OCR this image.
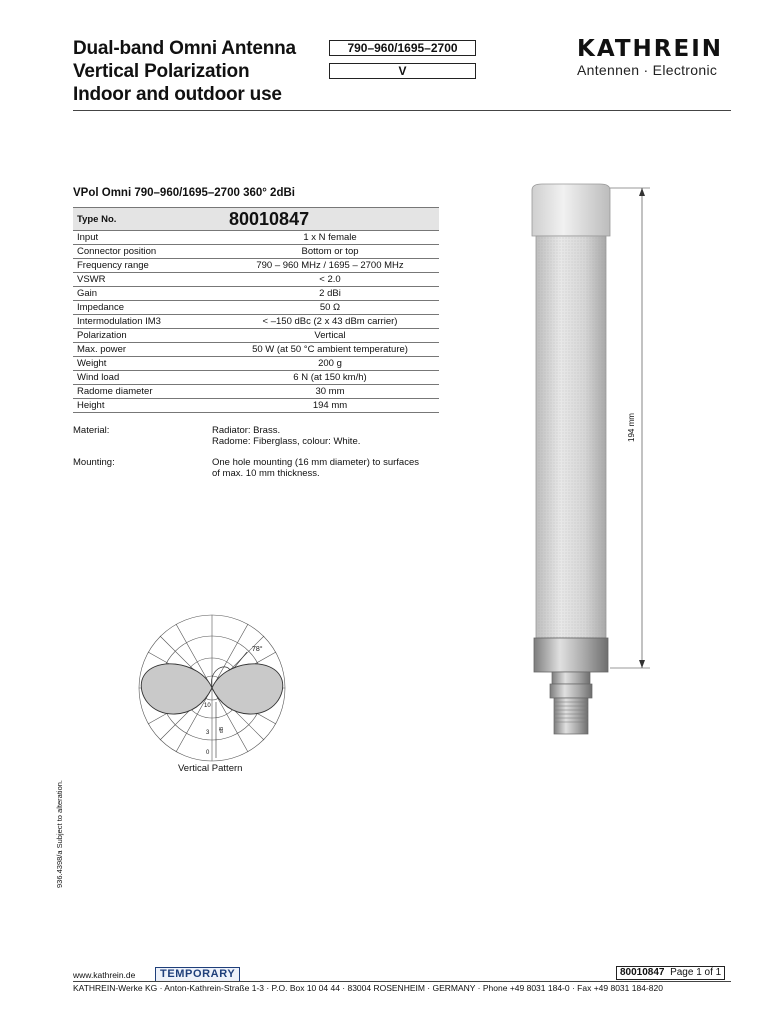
Dual-band Omni Antenna
Vertical Polarization
Indoor and outdoor use
790–960/1695–2700
V
KATHREIN
Antennen · Electronic
VPol Omni 790–960/1695–2700 360° 2dBi
Type No.	80010847
Input	1 x N female
Connector position	Bottom or top
Frequency range	790 – 960 MHz / 1695 – 2700 MHz
VSWR	< 2.0
Gain	2 dBi
Impedance	50 Ω
Intermodulation IM3	< –150 dBc (2 x 43 dBm carrier)
Polarization	Vertical
Max. power	50 W (at 50 °C ambient temperature)
Weight	200 g
Wind load	6 N (at 150 km/h)
Radome diameter	30 mm
Height	194 mm
Material:	Radiator: Brass.
Radome: Fiberglass, colour: White.
Mounting:	One hole mounting (16 mm diameter) to surfaces
of max. 10 mm thickness.
78°
10
3
0
dB
Vertical Pattern
194 mm
936.4398/a Subject to alteration.
www.kathrein.de	TEMPORARY	80010847 Page 1 of 1
KATHREIN-Werke KG · Anton-Kathrein-Straße 1-3 · P.O. Box 10 04 44 · 83004 ROSENHEIM · GERMANY · Phone +49 8031 184-0 · Fax +49 8031 184-820
